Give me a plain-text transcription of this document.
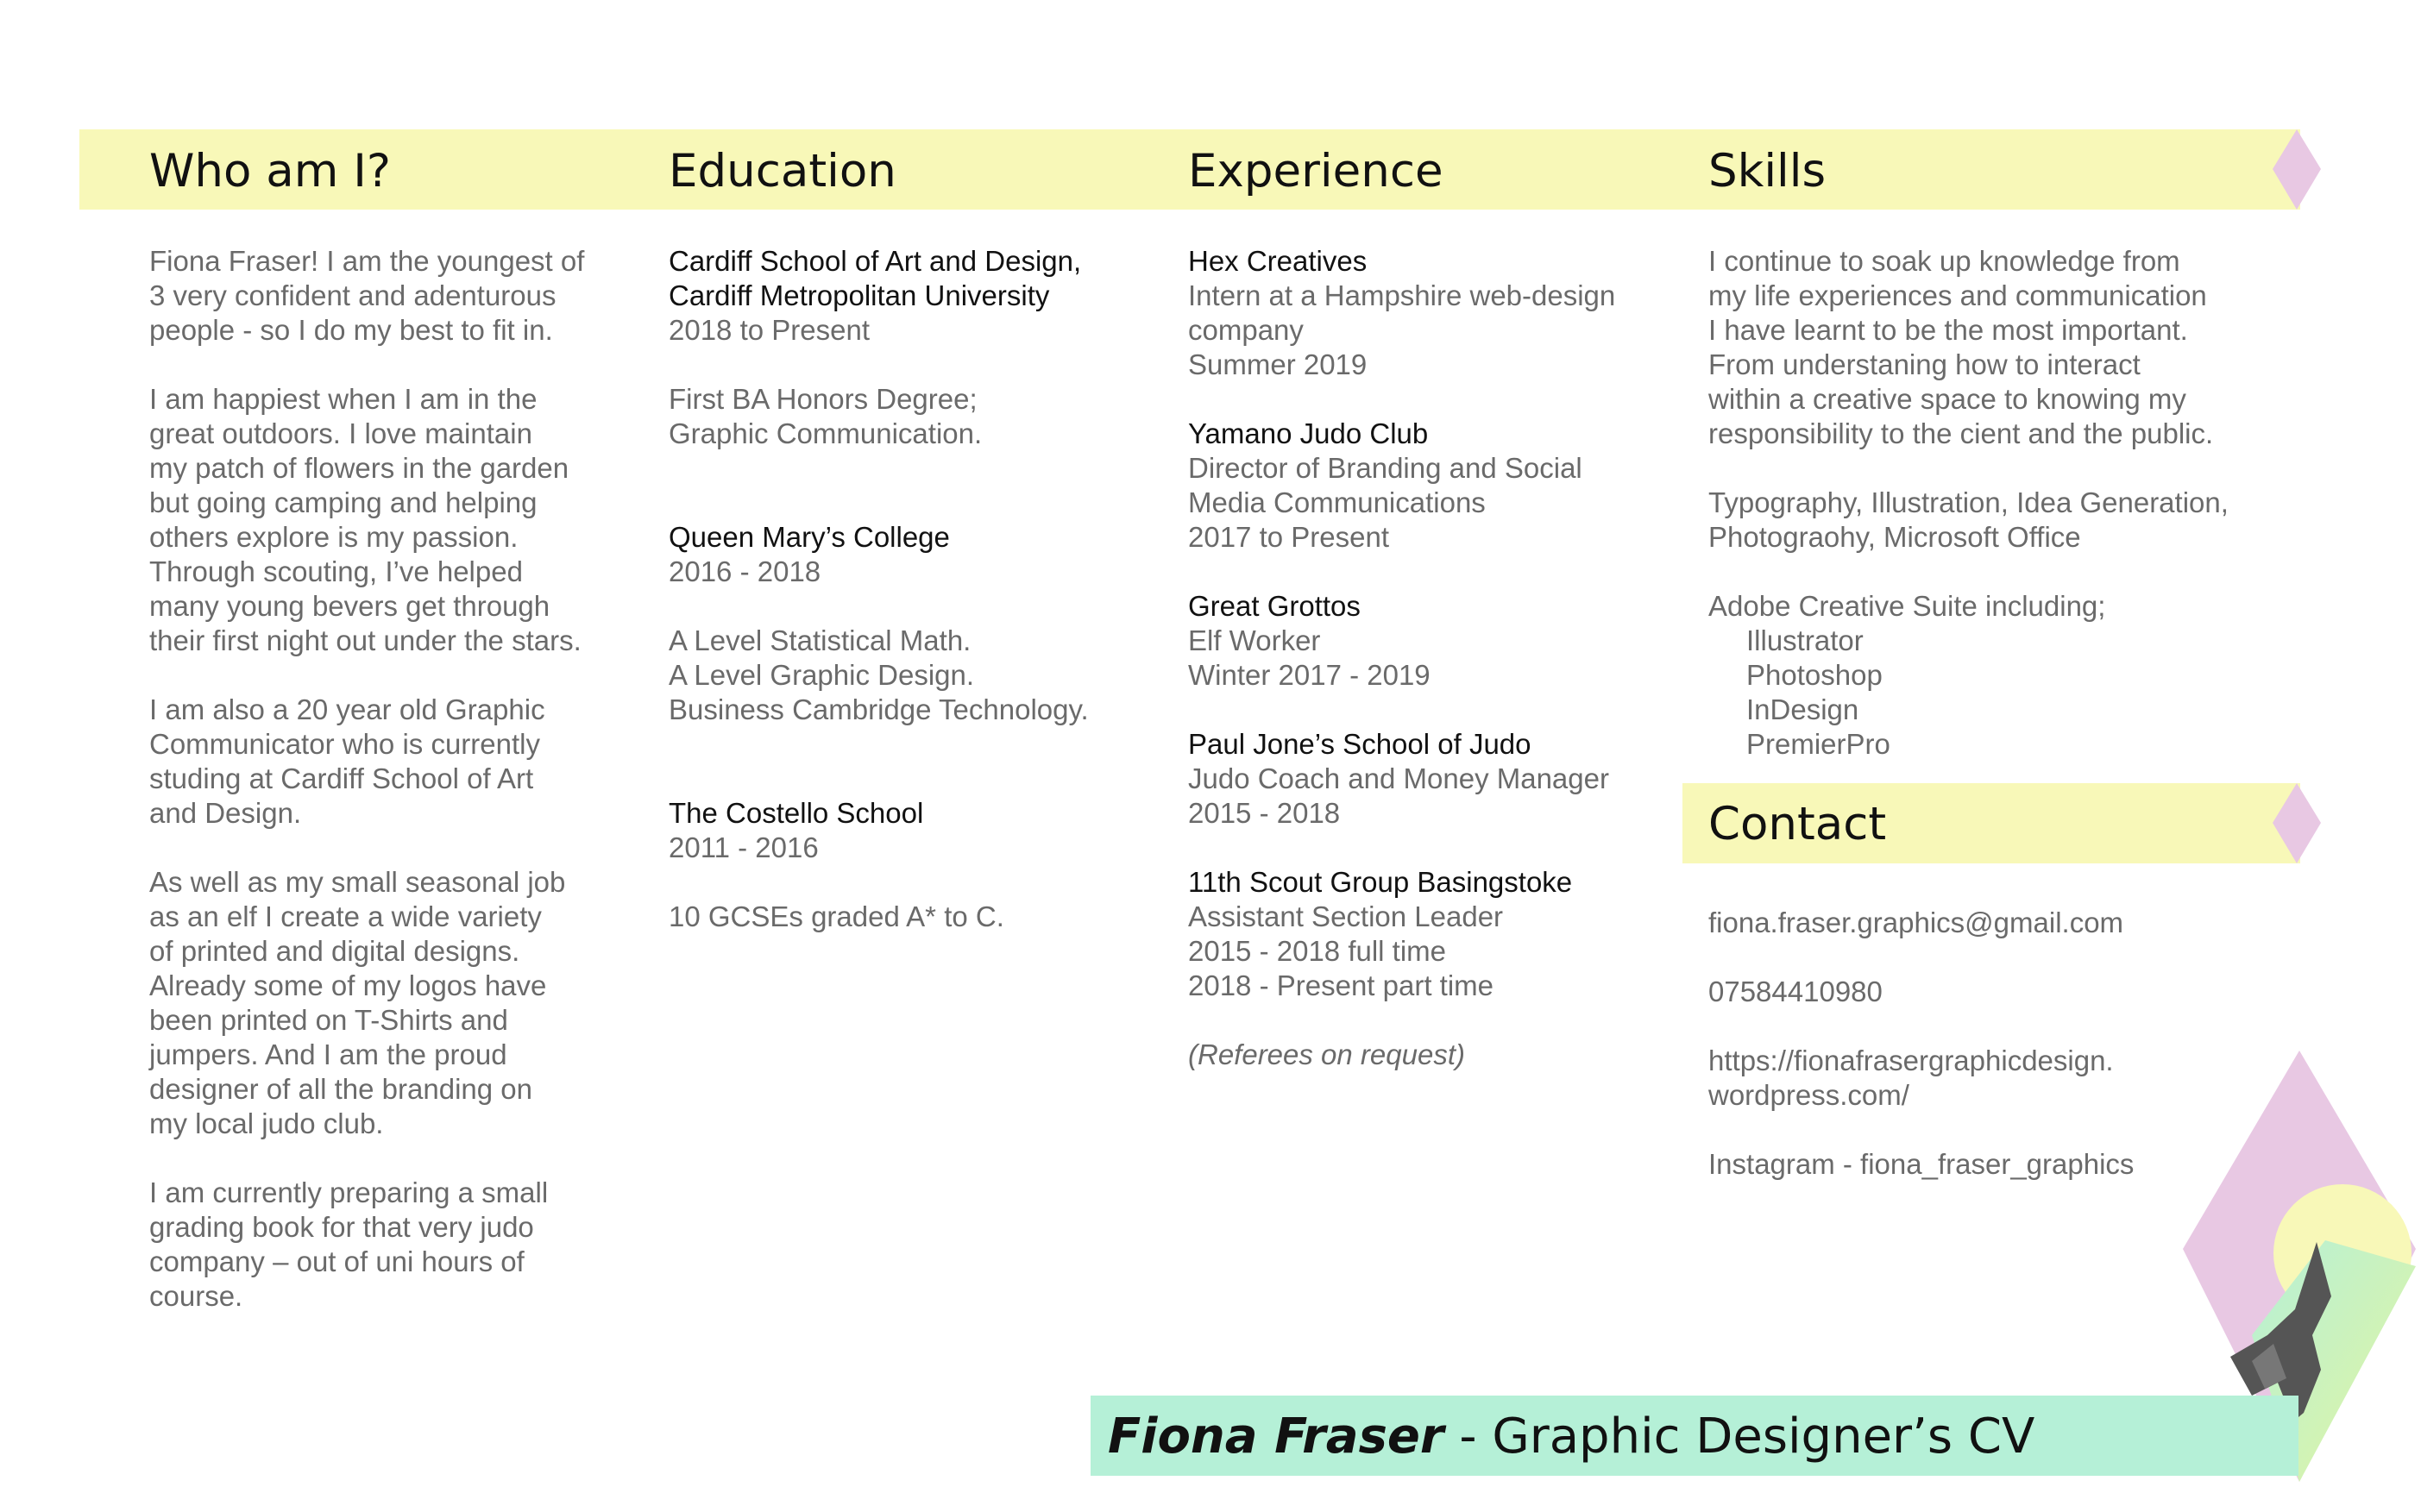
Who am I?	Education	Experience	Skills

Fiona Fraser! I am the youngest of

3 very confident and adenturous

people - so I do my best to fit in.

I am happiest when I am in the

great outdoors. I love maintain

my patch of flowers in the garden

but going camping and helping

others explore is my passion.

Through scouting, I’ve helped

many young bevers get through

their first night out under the stars.

I am also a 20 year old Graphic

Communicator who is currently

studing at Cardiff School of Art

and Design.

As well as my small seasonal job

as an elf I create a wide variety

of printed and digital designs.

Already some of my logos have

been printed on T-Shirts and

jumpers. And I am the proud

designer of all the branding on

my local judo club.

I am currently preparing a small

grading book for that very judo

company – out of uni hours of

course.

Cardiff School of Art and Design,

Cardiff Metropolitan University

2018 to Present

First BA Honors Degree;

Graphic Communication.

Queen Mary’s College

2016 - 2018

A Level Statistical Math.

A Level Graphic Design.

Business Cambridge Technology.

The Costello School

2011 - 2016

10 GCSEs graded A* to C.

Hex Creatives

Intern at a Hampshire web-design

company

Summer 2019

Yamano Judo Club

Director of Branding and Social

Media Communications

2017 to Present

Great Grottos

Elf Worker

Winter 2017 - 2019

Paul Jone’s School of Judo

Judo Coach and Money Manager

2015 - 2018

11th Scout Group Basingstoke

Assistant Section Leader

2015 - 2018 full time

2018 - Present part time

(Referees on request)

I continue to soak up knowledge from

my life experiences and communication

I have learnt to be the most important.

From understaning how to interact

within a creative space to knowing my

responsibility to the cient and the public.

Typography, Illustration, Idea Generation,

Photograohy, Microsoft Office

Adobe Creative Suite including;

Illustrator

Photoshop

InDesign

PremierPro

Contact

fiona.fraser.graphics@gmail.com

07584410980

https://fionafrasergraphicdesign.

wordpress.com/

Instagram - fiona_fraser_graphics

Fiona Fraser - Graphic Designer’s CV
